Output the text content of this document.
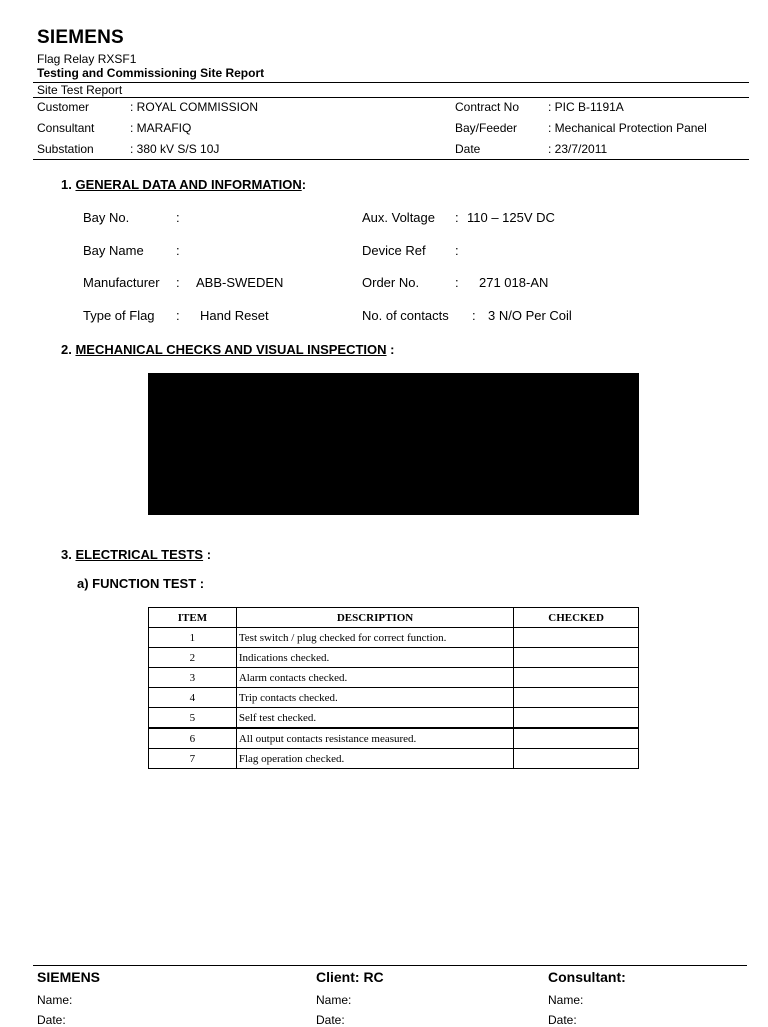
SIEMENS
Flag Relay RXSF1
Testing and Commissioning Site Report
Site Test Report
Customer	: ROYAL COMMISSION	Contract No : PIC B-1191A
Consultant	: MARAFIQ	Bay/Feeder	: Mechanical Protection Panel
Substation	: 380 kV S/S 10J	Date	: 23/7/2011
1. GENERAL DATA AND INFORMATION:
Bay No.	:	Aux. Voltage : 110 – 125V DC
Bay Name :	Device Ref :
Manufacturer : ABB-SWEDEN	Order No.	: 271 018-AN
Type of Flag : Hand Reset	No. of contacts : 3 N/O Per Coil
2. MECHANICAL CHECKS AND VISUAL INSPECTION :
3. ELECTRICAL TESTS :
a) FUNCTION TEST :
ITEM	DESCRIPTION	CHECKED
1	Test switch / plug checked for correct function.	
2	Indications checked.	
3	Alarm contacts checked.	
4	Trip contacts checked.	
5	Self test checked.	
6	All output contacts resistance measured.	
7	Flag operation checked.	
SIEMENS	Client: RC	Consultant:
Name:	Name:	Name:
Date:	Date:	Date:
